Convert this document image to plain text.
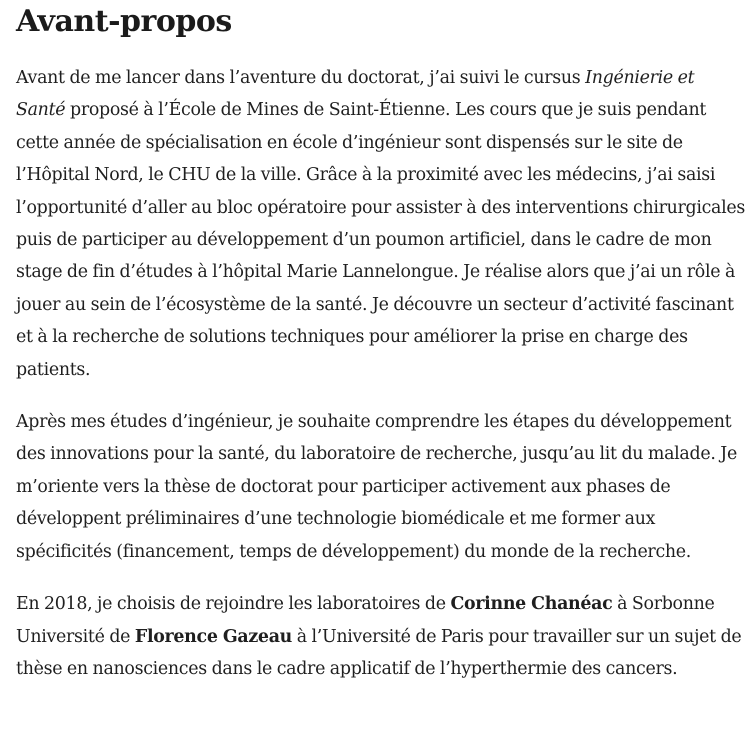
Avant-propos

Avant de me lancer dans l’aventure du doctorat, j’ai suivi le cursus Ingénierie et Santé proposé à l’École de Mines de Saint-Étienne. Les cours que je suis pendant cette année de spécialisation en école d’ingénieur sont dispensés sur le site de l’Hôpital Nord, le CHU de la ville. Grâce à la proximité avec les médecins, j’ai saisi l’opportunité d’aller au bloc opératoire pour assister à des interventions chirurgicales puis de participer au développement d’un poumon artificiel, dans le cadre de mon stage de fin d’études à l’hôpital Marie Lannelongue. Je réalise alors que j’ai un rôle à jouer au sein de l’écosystème de la santé. Je découvre un secteur d’activité fascinant et à la recherche de solutions techniques pour améliorer la prise en charge des patients.

Après mes études d’ingénieur, je souhaite comprendre les étapes du développement des innovations pour la santé, du laboratoire de recherche, jusqu’au lit du malade. Je m’oriente vers la thèse de doctorat pour participer activement aux phases de développent préliminaires d’une technologie biomédicale et me former aux spécificités (financement, temps de développement) du monde de la recherche.

En 2018, je choisis de rejoindre les laboratoires de Corinne Chanéac à Sorbonne Université de Florence Gazeau à l’Université de Paris pour travailler sur un sujet de thèse en nanosciences dans le cadre applicatif de l’hyperthermie des cancers.
